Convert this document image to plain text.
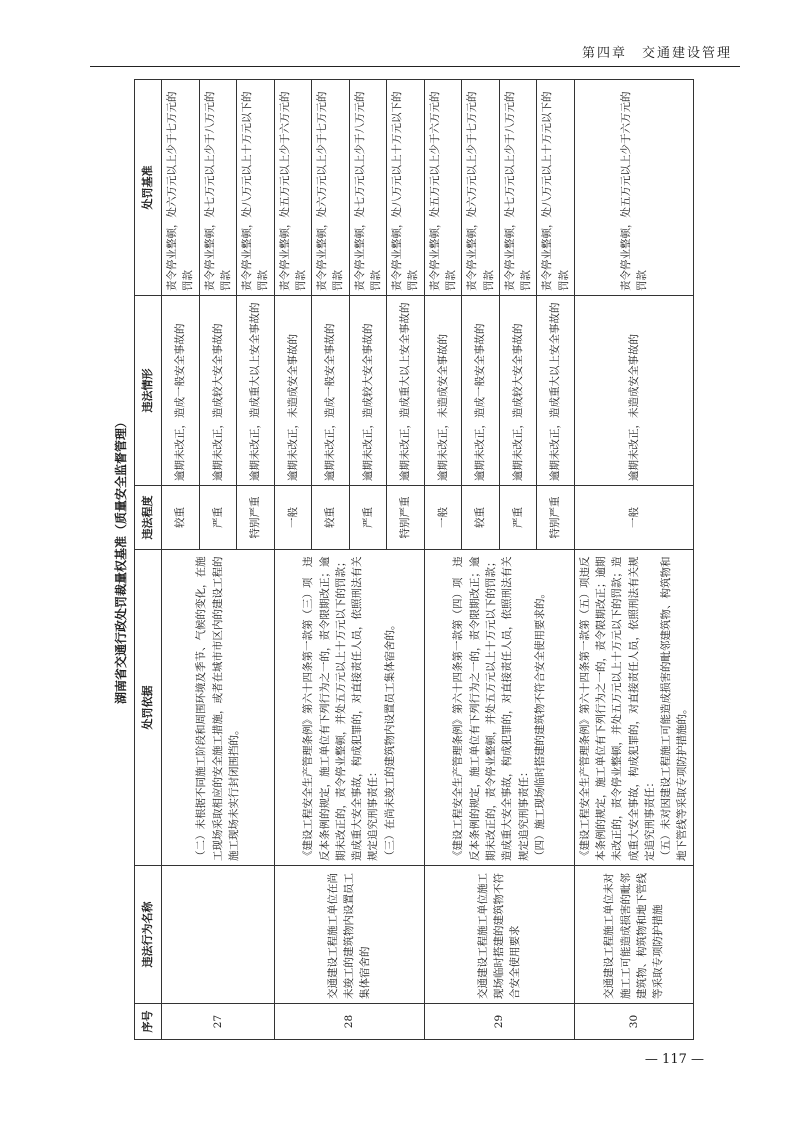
第四章　交通建设管理
湖南省交通行政处罚裁量权基准（质量安全监督管理）
序号	违法行为名称	处罚依据	违法程度	违法情形	处罚基准
27		（二）未根据不同施工阶段和周围环境及季节、气候的变化，在施工现场采取相应的安全施工措施，或者在城市市区内的建设工程的施工现场未实行封闭围挡的。	较重	逾期未改正，造成一般安全事故的	责令停业整顿，处六万元以上少于七万元的罚款
			严重	逾期未改正，造成较大安全事故的	责令停业整顿，处七万元以上少于八万元的罚款
			特别严重	逾期未改正，造成重大以上安全事故的	责令停业整顿，处八万元以上十万元以下的罚款
28	交通建设工程施工单位在尚未竣工的建筑物内设置员工集体宿舍的	《建设工程安全生产管理条例》第六十四条第一款第（三）项　违反本条例的规定，施工单位有下列行为之一的，责令限期改正；逾期未改正的，责令停业整顿，并处五万元以上十万元以下的罚款；造成重大安全事故，构成犯罪的，对直接责任人员，依照刑法有关规定追究刑事责任： （三）在尚未竣工的建筑物内设置员工集体宿舍的。	一般	逾期未改正，未造成安全事故的	责令停业整顿，处五万元以上少于六万元的罚款
			较重	逾期未改正，造成一般安全事故的	责令停业整顿，处六万元以上少于七万元的罚款
			严重	逾期未改正，造成较大安全事故的	责令停业整顿，处七万元以上少于八万元的罚款
			特别严重	逾期未改正，造成重大以上安全事故的	责令停业整顿，处八万元以上十万元以下的罚款
29	交通建设工程施工单位施工现场临时搭建的建筑物不符合安全使用要求	《建设工程安全生产管理条例》第六十四条第一款第（四）项　违反本条例的规定，施工单位有下列行为之一的，责令限期改正；逾期未改正的，责令停业整顿，并处五万元以上十万元以下的罚款；造成重大安全事故，构成犯罪的，对直接责任人员，依照刑法有关规定追究刑事责任： （四）施工现场临时搭建的建筑物不符合安全使用要求的。	一般	逾期未改正，未造成安全事故的	责令停业整顿，处五万元以上少于六万元的罚款
			较重	逾期未改正，造成一般安全事故的	责令停业整顿，处六万元以上少于七万元的罚款
			严重	逾期未改正，造成较大安全事故的	责令停业整顿，处七万元以上少于八万元的罚款
			特别严重	逾期未改正，造成重大以上安全事故的	责令停业整顿，处八万元以上十万元以下的罚款
30	交通建设工程施工单位未对施工工可能造成损害的毗邻建筑物、构筑物和地下管线等采取专项防护措施	《建设工程安全生产管理条例》第六十四条第一款第（五）项违反本条例的规定，施工单位有下列行为之一的，责令限期改正；逾期未改正的，责令停业整顿，并处五万元以上十万元以下的罚款；造成重大安全事故，构成犯罪的，对直接责任人员，依照刑法有关规定追究刑事责任： （五）未对因建设工程施工可能造成损害的毗邻建筑物、构筑物和地下管线等采取专项防护措施的。	一般	逾期未改正，未造成安全事故的	责令停业整顿，处五万元以上少于六万元的罚款
— 117 —
